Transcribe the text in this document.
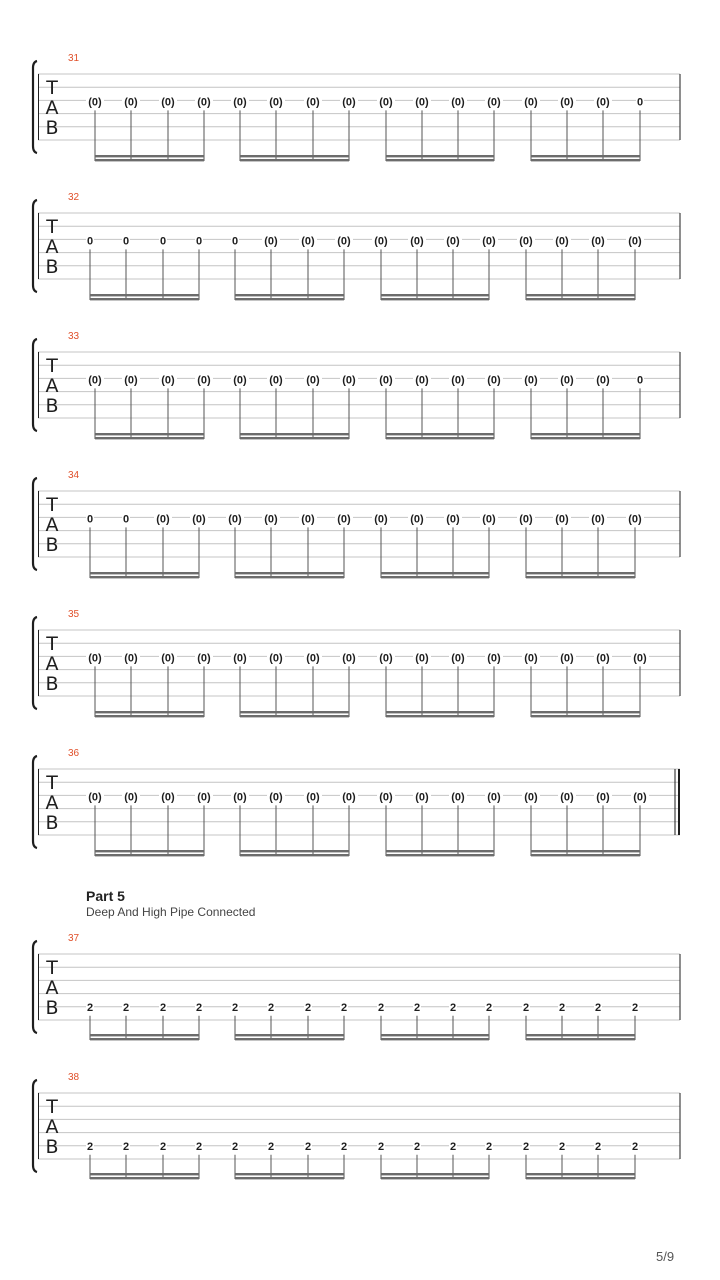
31
T
A
B
(0) (0) (0) (0) (0) (0) (0) (0) (0) (0) (0) (0) (0) (0) (0) 0
32
T
A
B
0	0	0	0	0 (0) (0) (0) (0) (0) (0) (0) (0) (0) (0) (0)
33
T
A
B
(0) (0) (0) (0) (0) (0) (0) (0) (0) (0) (0) (0) (0) (0) (0) 0
34
T
A
B
0	0 (0) (0) (0) (0) (0) (0) (0) (0) (0) (0) (0) (0) (0) (0)
35
T
A
B
(0) (0) (0) (0) (0) (0) (0) (0) (0) (0) (0) (0) (0) (0) (0) (0)
36
T
A
B
(0) (0) (0) (0) (0) (0) (0) (0) (0) (0) (0) (0) (0) (0) (0) (0)
37
T
A
B	2	2	2	2	2	2	2	2	2	2	2	2	2	2	2	2
38
T
A
B	2	2	2	2	2	2	2	2	2	2	2	2	2	2	2	2
Part 5
Deep And High Pipe Connected
5/9
